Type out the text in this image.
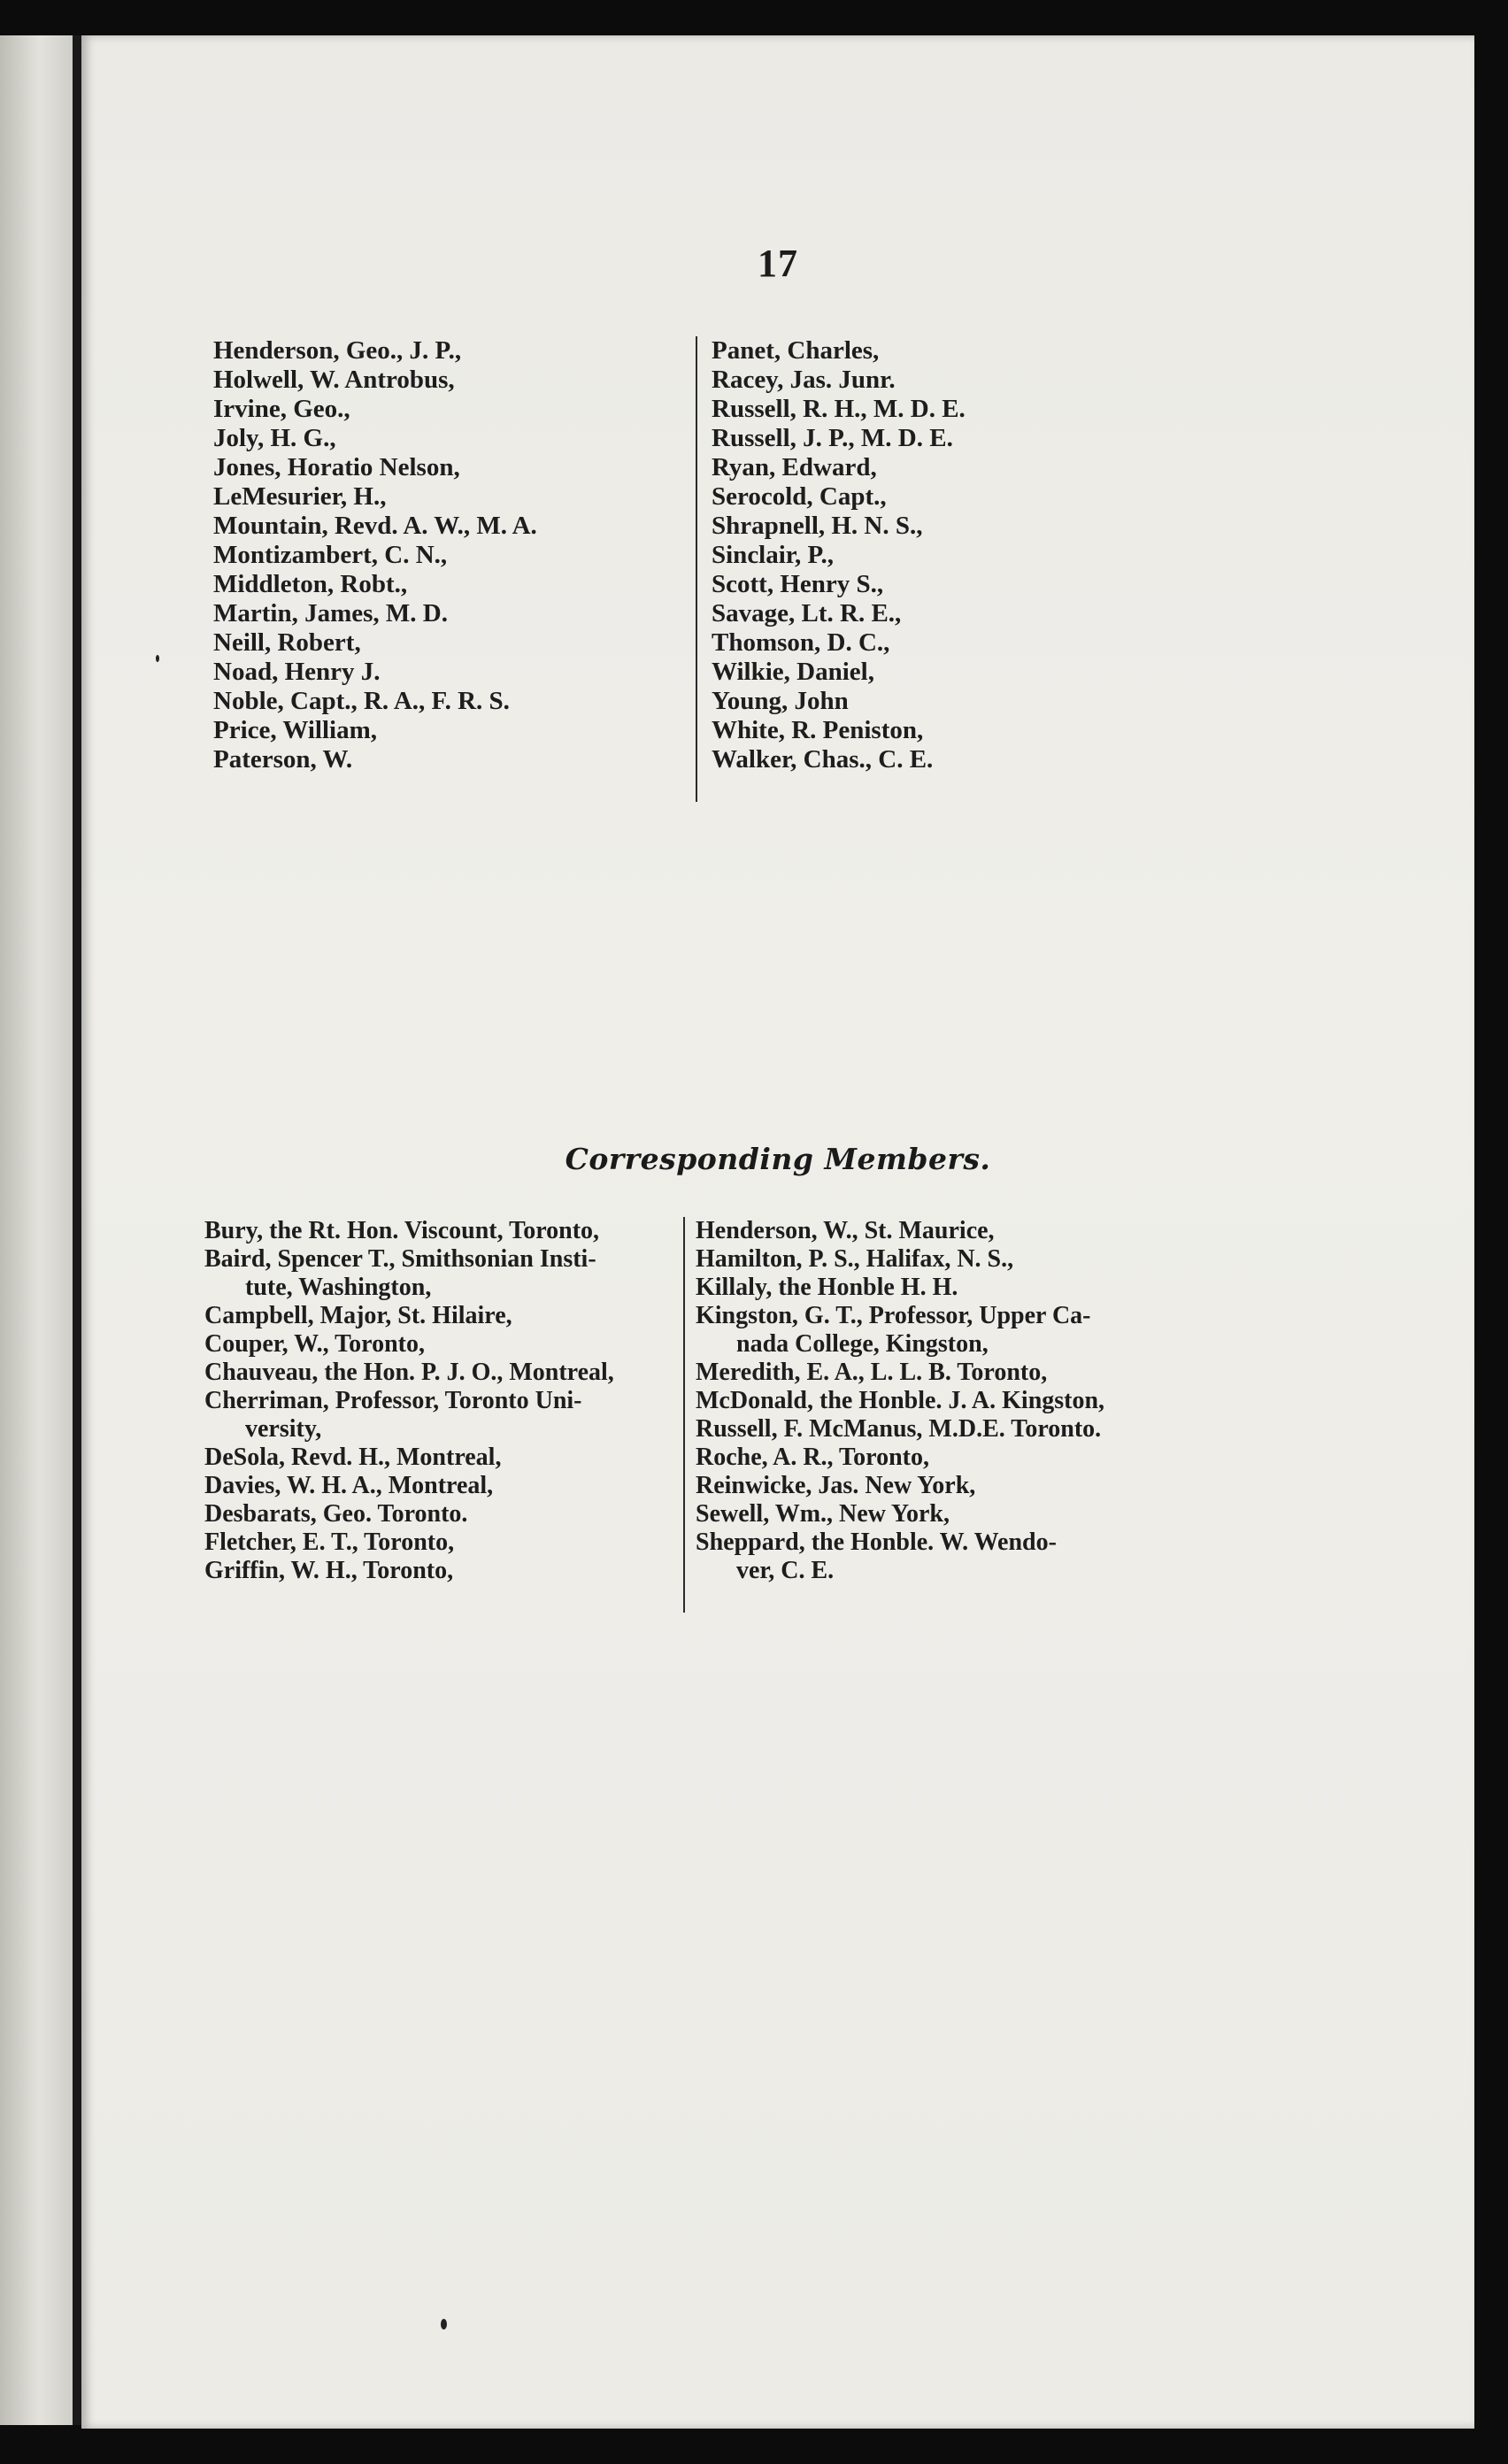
17
Henderson, Geo., J. P.,
Holwell, W. Antrobus,
Irvine, Geo.,
Joly, H. G.,
Jones, Horatio Nelson,
LeMesurier, H.,
Mountain, Revd. A. W., M. A.
Montizambert, C. N.,
Middleton, Robt.,
Martin, James, M. D.
Neill, Robert,
Noad, Henry J.
Noble, Capt., R. A., F. R. S.
Price, William,
Paterson, W.
Panet, Charles,
Racey, Jas. Junr.
Russell, R. H., M. D. E.
Russell, J. P., M. D. E.
Ryan, Edward,
Serocold, Capt.,
Shrapnell, H. N. S.,
Sinclair, P.,
Scott, Henry S.,
Savage, Lt. R. E.,
Thomson, D. C.,
Wilkie, Daniel,
Young, John
White, R. Peniston,
Walker, Chas., C. E.
Corresponding Members.
Bury, the Rt. Hon. Viscount, Toronto,
Baird, Spencer T., Smithsonian Insti-
tute, Washington,
Campbell, Major, St. Hilaire,
Couper, W., Toronto,
Chauveau, the Hon. P. J. O., Montreal,
Cherriman, Professor, Toronto Uni-
versity,
DeSola, Revd. H., Montreal,
Davies, W. H. A., Montreal,
Desbarats, Geo. Toronto.
Fletcher, E. T., Toronto,
Griffin, W. H., Toronto,
Henderson, W., St. Maurice,
Hamilton, P. S., Halifax, N. S.,
Killaly, the Honble H. H.
Kingston, G. T., Professor, Upper Ca-
nada College, Kingston,
Meredith, E. A., L. L. B. Toronto,
McDonald, the Honble. J. A. Kingston,
Russell, F. McManus, M.D.E. Toronto.
Roche, A. R., Toronto,
Reinwicke, Jas. New York,
Sewell, Wm., New York,
Sheppard, the Honble. W. Wendo-
ver, C. E.
